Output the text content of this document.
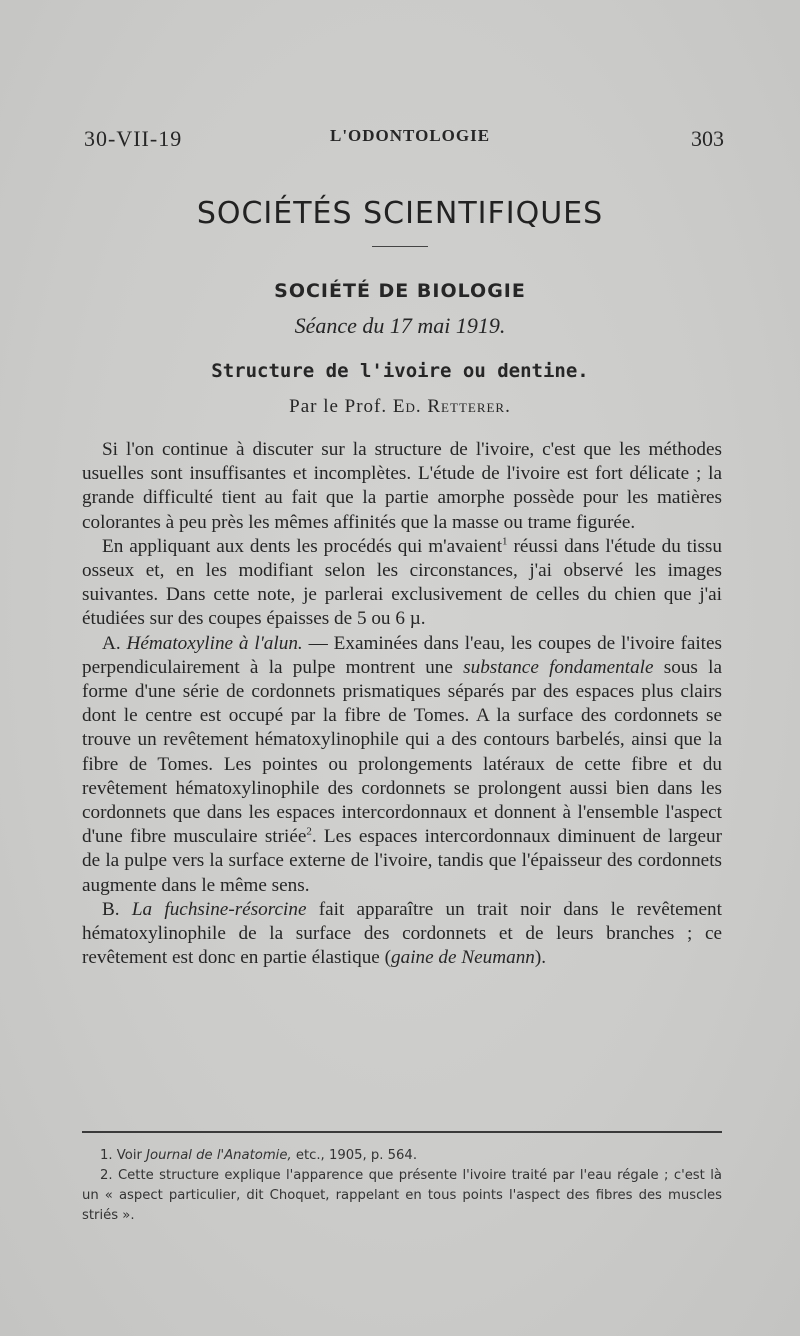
30-VII-19	L'ODONTOLOGIE	303
SOCIÉTÉS SCIENTIFIQUES
SOCIÉTÉ DE BIOLOGIE
Séance du 17 mai 1919.
Structure de l'ivoire ou dentine.
Par le Prof. Ed. Retterer.

Si l'on continue à discuter sur la structure de l'ivoire, c'est que les méthodes usuelles sont insuffisantes et incomplètes. L'étude de l'ivoire est fort délicate ; la grande difficulté tient au fait que la partie amorphe possède pour les matières colorantes à peu près les mêmes affinités que la masse ou trame figurée.

En appliquant aux dents les procédés qui m'avaient$^1$ réussi dans l'étude du tissu osseux et, en les modifiant selon les circonstances, j'ai observé les images suivantes. Dans cette note, je parlerai exclusivement de celles du chien que j'ai étudiées sur des coupes épaisses de 5 ou 6 µ.

A. Hématoxyline à l'alun. — Examinées dans l'eau, les coupes de l'ivoire faites perpendiculairement à la pulpe montrent une substance fondamentale sous la forme d'une série de cordonnets prismatiques séparés par des espaces plus clairs dont le centre est occupé par la fibre de Tomes. A la surface des cordonnets se trouve un revêtement hématoxylinophile qui a des contours barbelés, ainsi que la fibre de Tomes. Les pointes ou prolongements latéraux de cette fibre et du revêtement hématoxylinophile des cordonnets se prolongent aussi bien dans les cordonnets que dans les espaces intercordonnaux et donnent à l'ensemble l'aspect d'une fibre musculaire striée$^2$. Les espaces intercordonnaux diminuent de largeur de la pulpe vers la surface externe de l'ivoire, tandis que l'épaisseur des cordonnets augmente dans le même sens.

B. La fuchsine-résorcine fait apparaître un trait noir dans le revêtement hématoxylinophile de la surface des cordonnets et de leurs branches ; ce revêtement est donc en partie élastique (gaine de Neumann).

1. Voir Journal de l'Anatomie, etc., 1905, p. 564.

2. Cette structure explique l'apparence que présente l'ivoire traité par l'eau régale ; c'est là un « aspect particulier, dit Choquet, rappelant en tous points l'aspect des fibres des muscles striés ».
